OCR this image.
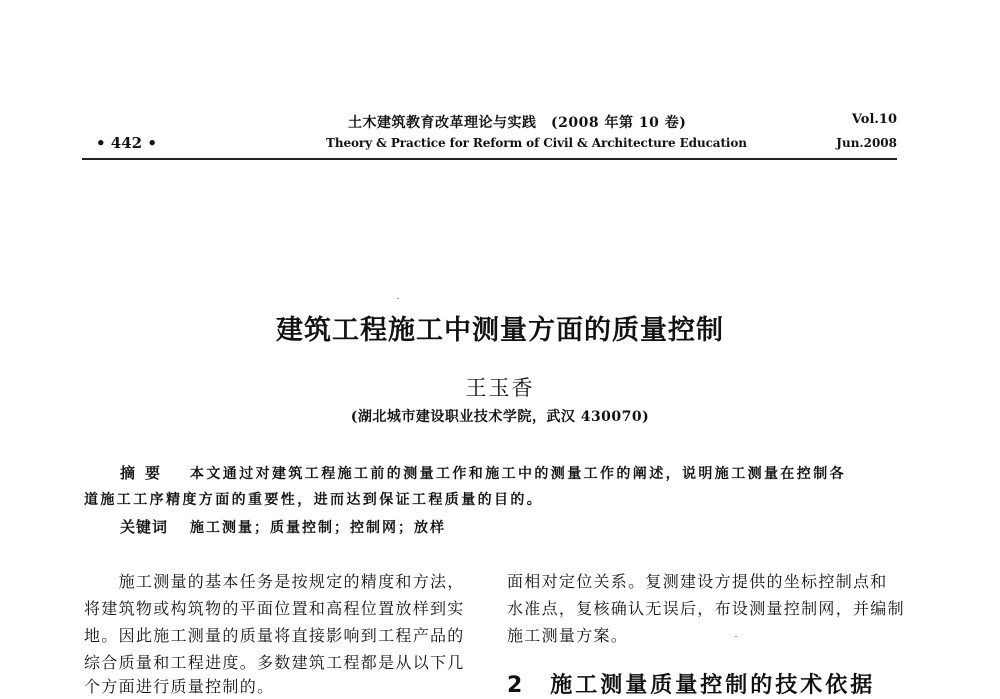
土木建筑教育改革理论与实践　(2008 年第 10 卷)
Theory & Practice for Reform of Civil & Architecture Education
• 442 •
Vol.10
Jun.2008
建筑工程施工中测量方面的质量控制
王玉香
(湖北城市建设职业技术学院，武汉 430070)
摘要 本文通过对建筑工程施工前的测量工作和施工中的测量工作的阐述，说明施工测量在控制各
道施工工序精度方面的重要性，进而达到保证工程质量的目的。
关键词 施工测量；质量控制；控制网；放样
　　施工测量的基本任务是按规定的精度和方法，
将建筑物或构筑物的平面位置和高程位置放样到实
地。因此施工测量的质量将直接影响到工程产品的
综合质量和工程进度。多数建筑工程都是从以下几
个方面进行质量控制的。
面相对定位关系。复测建设方提供的坐标控制点和
水准点，复核确认无误后，布设测量控制网，并编制
施工测量方案。
2　施工测量质量控制的技术依据
